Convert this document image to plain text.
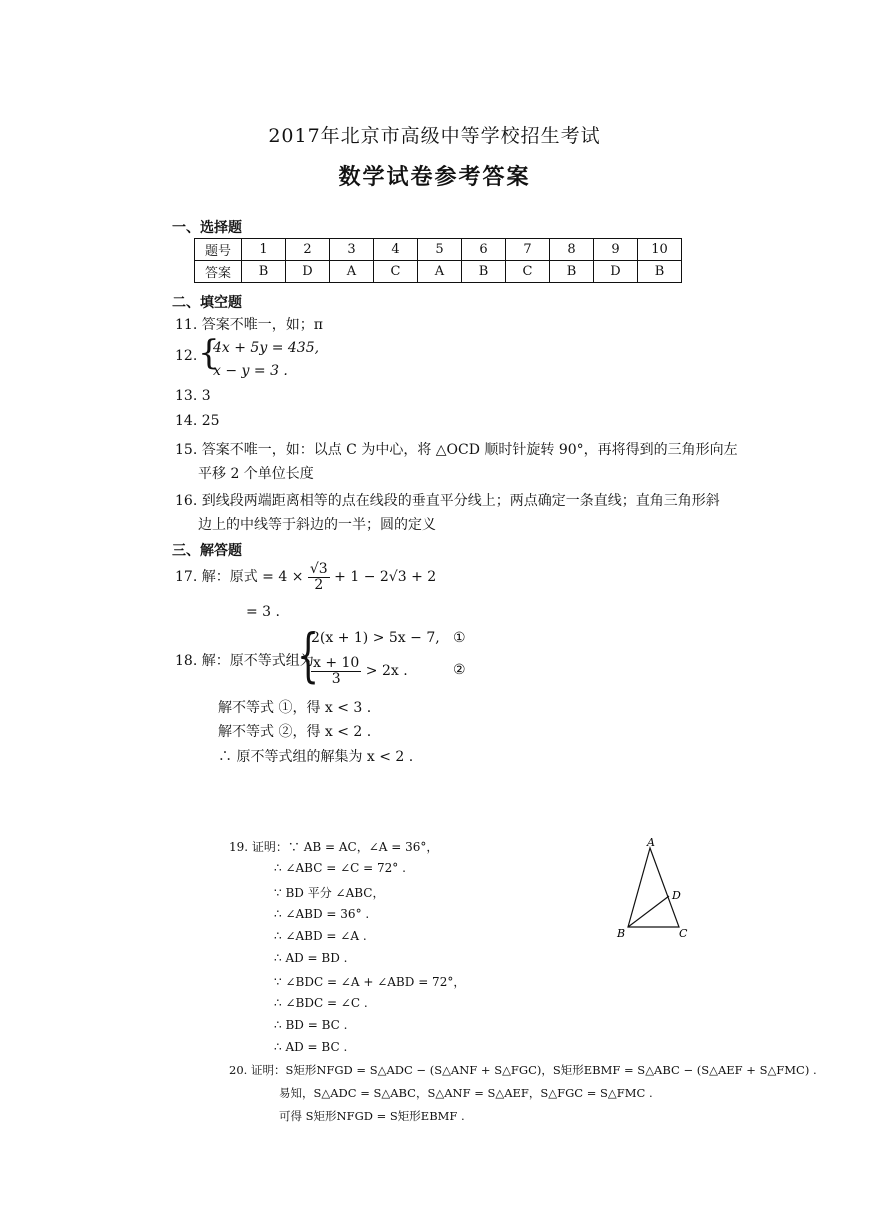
2017年北京市高级中等学校招生考试
数学试卷参考答案
一、选择题
题号	1	2	3	4	5	6	7	8	9	10
答案	B	D	A	C	A	B	C	B	D	B
二、填空题
11. 答案不唯一，如；π
12. {
4x + 5y = 435,
x − y = 3 .
13. 3
14. 25
15. 答案不唯一，如：以点 C 为中心，将 △OCD 顺时针旋转 90°，再将得到的三角形向左
平移 2 个单位长度
16. 到线段两端距离相等的点在线段的垂直平分线上；两点确定一条直线；直角三角形斜
边上的中线等于斜边的一半；圆的定义
三、解答题
17. 解：原式 = $4 \times \frac{√3}{2} + 1 - 2√3 + 2$
= 3 .
18. 解：原不等式组为
{
2(x + 1) > 5x − 7, ①
$\frac{x + 10}{3} > 2x$ .	②
解不等式 ①，得 x < 3 .
解不等式 ②，得 x < 2 .
∴ 原不等式组的解集为 x < 2 .
19. 证明：∵ AB = AC，∠A = 36°，
∴ ∠ABC = ∠C = 72° .
∵ BD 平分 ∠ABC，
∴ ∠ABD = 36° .
∴ ∠ABD = ∠A .
∴ AD = BD .
∵ ∠BDC = ∠A + ∠ABD = 72°，
∴ ∠BDC = ∠C .
∴ BD = BC .
∴ AD = BC .
A
B	C
D
20. 证明：S矩形NFGD = S△ADC − (S△ANF + S△FGC)，S矩形EBMF = S△ABC − (S△AEF + S△FMC) .
易知，S△ADC = S△ABC，S△ANF = S△AEF，S△FGC = S△FMC .
可得 S矩形NFGD = S矩形EBMF .
